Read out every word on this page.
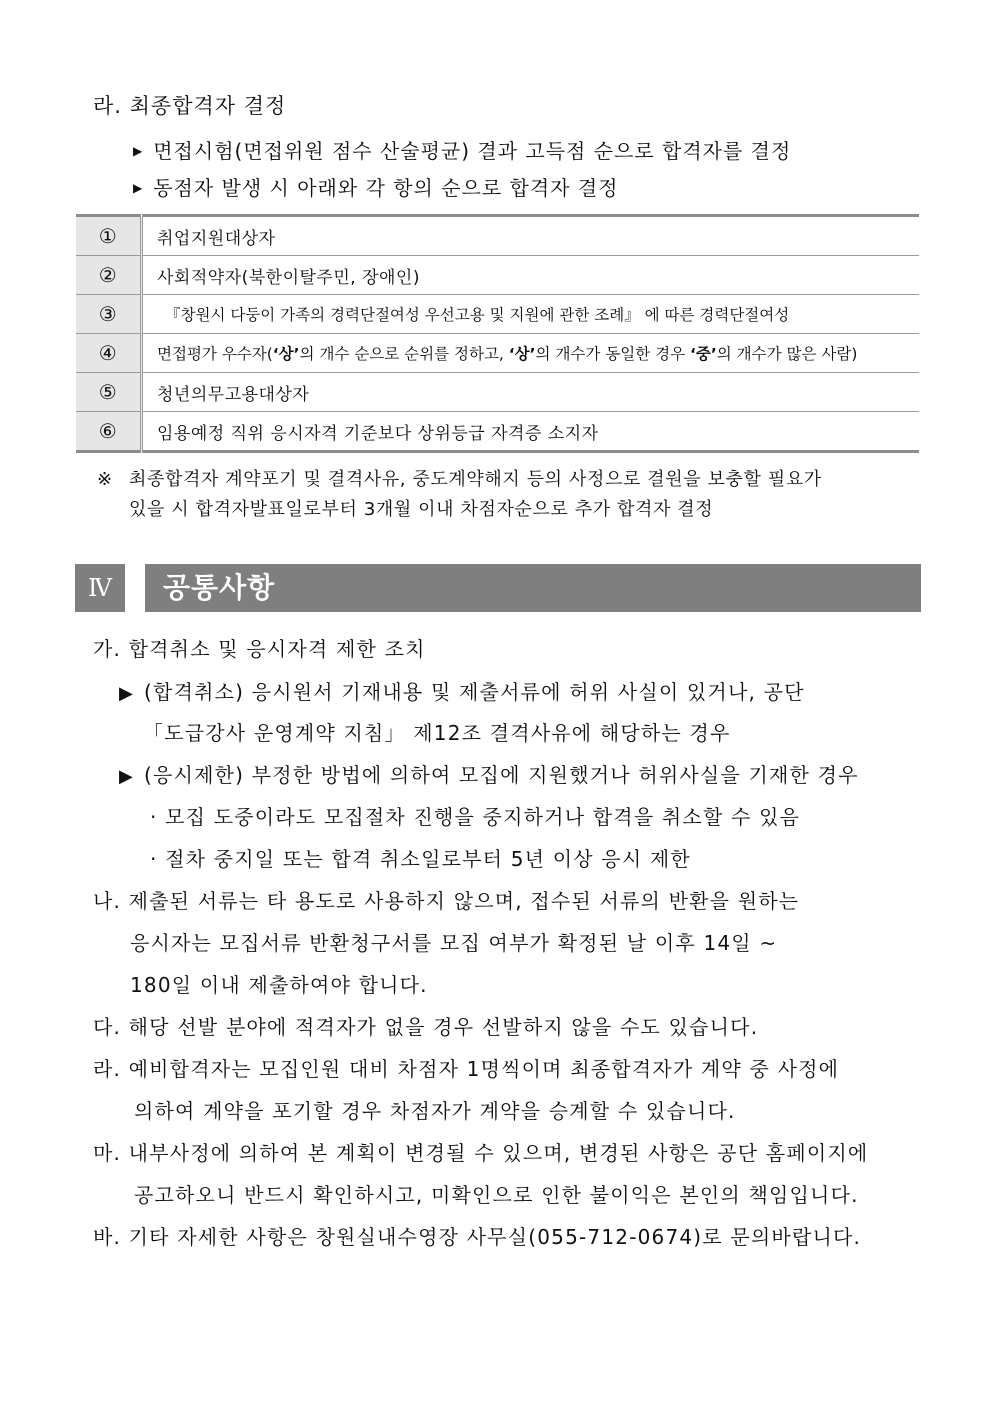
라. 최종합격자 결정
▶ 면접시험(면접위원 점수 산술평균) 결과 고득점 순으로 합격자를 결정
▶ 동점자 발생 시 아래와 각 항의 순으로 합격자 결정
①	취업지원대상자
②	사회적약자(북한이탈주민, 장애인)
③	『창원시 다둥이 가족의 경력단절여성 우선고용 및 지원에 관한 조례』 에 따른 경력단절여성
④	면접평가 우수자(‘상’의 개수 순으로 순위를 정하고, ‘상’의 개수가 동일한 경우 ‘중’의 개수가 많은 사람)
⑤	청년의무고용대상자
⑥	임용예정 직위 응시자격 기준보다 상위등급 자격증 소지자
※ 최종합격자 계약포기 및 결격사유, 중도계약해지 등의 사정으로 결원을 보충할 필요가
있을 시 합격자발표일로부터 3개월 이내 차점자순으로 추가 합격자 결정
Ⅳ	공통사항
가. 합격취소 및 응시자격 제한 조치
▶ (합격취소) 응시원서 기재내용 및 제출서류에 허위 사실이 있거나, 공단
「도급강사 운영계약 지침」 제12조 결격사유에 해당하는 경우
▶ (응시제한) 부정한 방법에 의하여 모집에 지원했거나 허위사실을 기재한 경우
· 모집 도중이라도 모집절차 진행을 중지하거나 합격을 취소할 수 있음
· 절차 중지일 또는 합격 취소일로부터 5년 이상 응시 제한
나. 제출된 서류는 타 용도로 사용하지 않으며, 접수된 서류의 반환을 원하는
응시자는 모집서류 반환청구서를 모집 여부가 확정된 날 이후 14일 ~
180일 이내 제출하여야 합니다.
다. 해당 선발 분야에 적격자가 없을 경우 선발하지 않을 수도 있습니다.
라. 예비합격자는 모집인원 대비 차점자 1명씩이며 최종합격자가 계약 중 사정에
의하여 계약을 포기할 경우 차점자가 계약을 승계할 수 있습니다.
마. 내부사정에 의하여 본 계획이 변경될 수 있으며, 변경된 사항은 공단 홈페이지에
공고하오니 반드시 확인하시고, 미확인으로 인한 불이익은 본인의 책임입니다.
바. 기타 자세한 사항은 창원실내수영장 사무실(055-712-0674)로 문의바랍니다.
